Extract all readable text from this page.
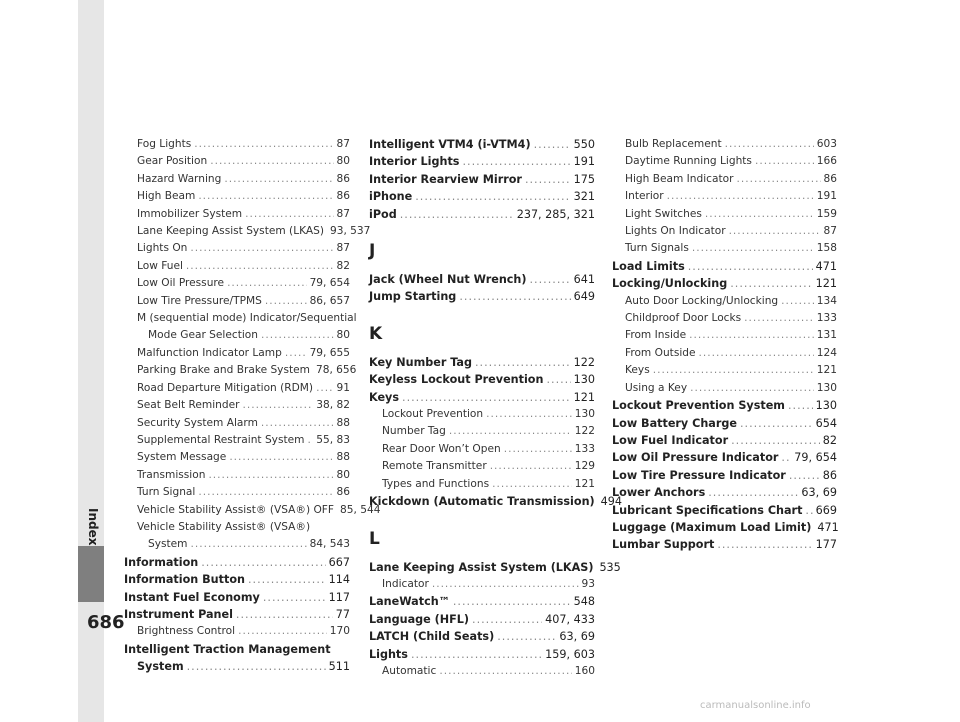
Index
686
Fog Lights .....	87
Gear Position .....	80
Hazard Warning .....	86
High Beam .....	86
Immobilizer System .....	87
Lane Keeping Assist System (LKAS) 93, 537
Lights On .....	87
Low Fuel .....	82
Low Oil Pressure .....	79, 654
Low Tire Pressure/TPMS .....	86, 657
M (sequential mode) Indicator/Sequential
Mode Gear Selection .....	80
Malfunction Indicator Lamp .....	79, 655
Parking Brake and Brake System 78, 656
Road Departure Mitigation (RDM) ..... 91
Seat Belt Reminder .....	38, 82
Security System Alarm .....	88
Supplemental Restraint System ..... 55, 83
System Message .....	88
Transmission .....	80
Turn Signal .....	86
Vehicle Stability Assist® (VSA®) OFF 85, 544
Vehicle Stability Assist® (VSA®)
System .....	84, 543
Information .....	667
Information Button .....	114
Instant Fuel Economy .....	117
Instrument Panel .....	77
Brightness Control .....	170
Intelligent Traction Management
System .....	511
Intelligent VTM4 (i-VTM4) .....	550
Interior Lights .....	191
Interior Rearview Mirror .....	175
iPhone .....	321
iPod .....	237, 285, 321
J
Jack (Wheel Nut Wrench) .....	641
Jump Starting .....	649
K
Key Number Tag .....	122
Keyless Lockout Prevention .....	130
Keys .....	121
Lockout Prevention .....	130
Number Tag .....	122
Rear Door Won’t Open .....	133
Remote Transmitter .....	129
Types and Functions .....	121
Kickdown (Automatic Transmission) 494
L
Lane Keeping Assist System (LKAS) 535
Indicator .....	93
LaneWatch™ .....	548
Language (HFL) .....	407, 433
LATCH (Child Seats) .....	63, 69
Lights .....	159, 603
Automatic .....	160
Bulb Replacement .....	603
Daytime Running Lights .....	166
High Beam Indicator .....	86
Interior .....	191
Light Switches .....	159
Lights On Indicator .....	87
Turn Signals .....	158
Load Limits .....	471
Locking/Unlocking .....	121
Auto Door Locking/Unlocking .....	134
Childproof Door Locks .....	133
From Inside .....	131
From Outside .....	124
Keys .....	121
Using a Key .....	130
Lockout Prevention System .....	130
Low Battery Charge .....	654
Low Fuel Indicator .....	82
Low Oil Pressure Indicator ..... 79, 654
Low Tire Pressure Indicator .....	86
Lower Anchors .....	63, 69
Lubricant Specifications Chart ..... 669
Luggage (Maximum Load Limit) 471
Lumbar Support .....	177
carmanualsonline.info
